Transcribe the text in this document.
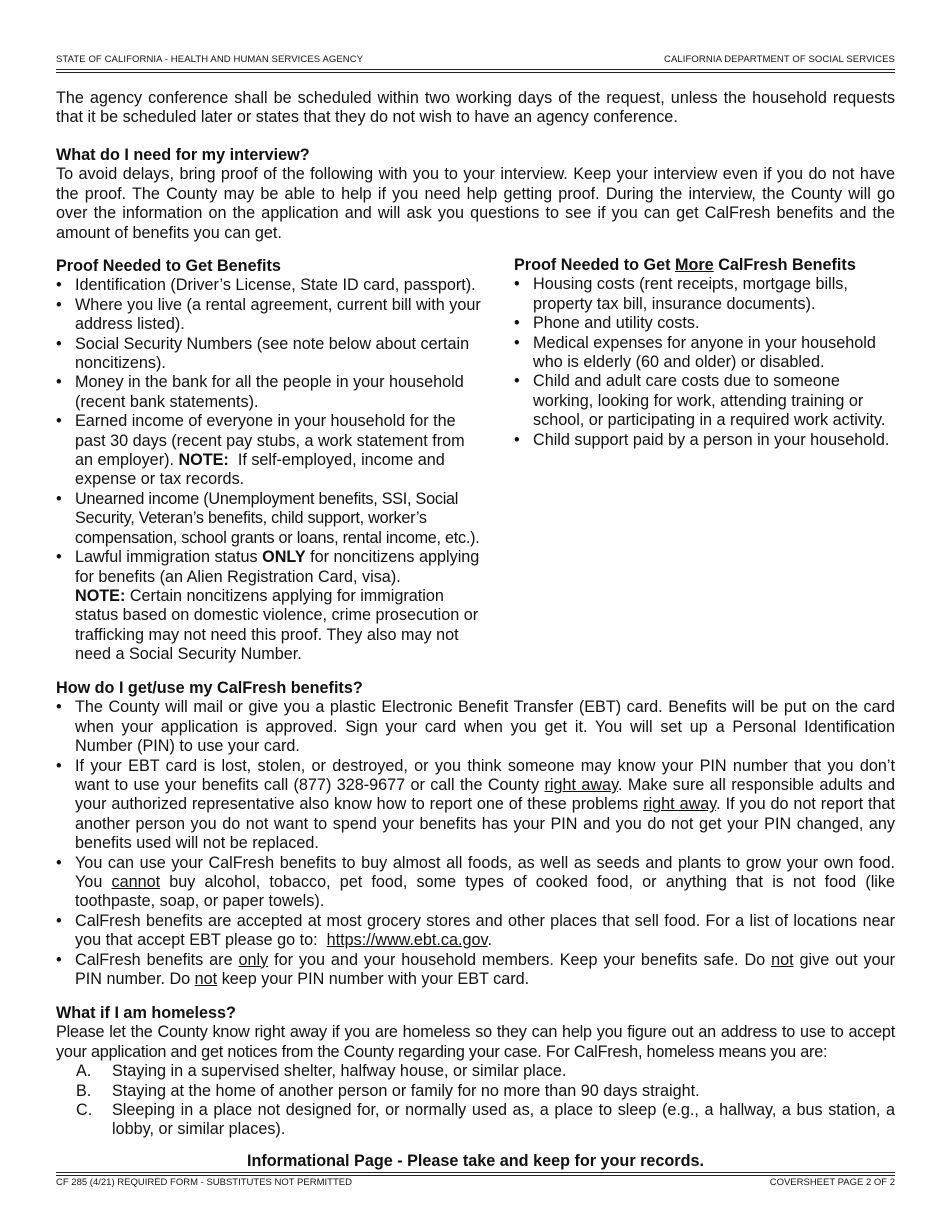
STATE OF CALIFORNIA - HEALTH AND HUMAN SERVICES AGENCY	CALIFORNIA DEPARTMENT OF SOCIAL SERVICES
The agency conference shall be scheduled within two working days of the request, unless the household requests that it be scheduled later or states that they do not wish to have an agency conference.

What do I need for my interview?

To avoid delays, bring proof of the following with you to your interview. Keep your interview even if you do not have the proof. The County may be able to help if you need help getting proof. During the interview, the County will go over the information on the application and will ask you questions to see if you can get CalFresh benefits and the amount of benefits you can get.

Proof Needed to Get Benefits

• Identification (Driver’s License, State ID card, passport).
• Where you live (a rental agreement, current bill with your address listed).
• Social Security Numbers (see note below about certain noncitizens).
• Money in the bank for all the people in your household (recent bank statements).
• Earned income of everyone in your household for the past 30 days (recent pay stubs, a work statement from an employer). NOTE: If self-employed, income and expense or tax records.
• Unearned income (Unemployment benefits, SSI, Social Security, Veteran’s benefits, child support, worker’s compensation, school grants or loans, rental income, etc.).
• Lawful immigration status ONLY for noncitizens applying for benefits (an Alien Registration Card, visa).
NOTE: Certain noncitizens applying for immigration status based on domestic violence, crime prosecution or trafficking may not need this proof. They also may not need a Social Security Number.

Proof Needed to Get More CalFresh Benefits

• Housing costs (rent receipts, mortgage bills, property tax bill, insurance documents).
• Phone and utility costs.
• Medical expenses for anyone in your household who is elderly (60 and older) or disabled.
• Child and adult care costs due to someone working, looking for work, attending training or school, or participating in a required work activity.
• Child support paid by a person in your household.

How do I get/use my CalFresh benefits?

• The County will mail or give you a plastic Electronic Benefit Transfer (EBT) card. Benefits will be put on the card when your application is approved. Sign your card when you get it. You will set up a Personal Identification Number (PIN) to use your card.
• If your EBT card is lost, stolen, or destroyed, or you think someone may know your PIN number that you don’t want to use your benefits call (877) 328-9677 or call the County right away. Make sure all responsible adults and your authorized representative also know how to report one of these problems right away. If you do not report that another person you do not want to spend your benefits has your PIN and you do not get your PIN changed, any benefits used will not be replaced.
• You can use your CalFresh benefits to buy almost all foods, as well as seeds and plants to grow your own food. You cannot buy alcohol, tobacco, pet food, some types of cooked food, or anything that is not food (like toothpaste, soap, or paper towels).
• CalFresh benefits are accepted at most grocery stores and other places that sell food. For a list of locations near you that accept EBT please go to: https://www.ebt.ca.gov.
• CalFresh benefits are only for you and your household members. Keep your benefits safe. Do not give out your PIN number. Do not keep your PIN number with your EBT card.

What if I am homeless?

Please let the County know right away if you are homeless so they can help you figure out an address to use to accept your application and get notices from the County regarding your case. For CalFresh, homeless means you are:
A. Staying in a supervised shelter, halfway house, or similar place.
B. Staying at the home of another person or family for no more than 90 days straight.
C. Sleeping in a place not designed for, or normally used as, a place to sleep (e.g., a hallway, a bus station, a lobby, or similar places).
Informational Page - Please take and keep for your records.
CF 285 (4/21) REQUIRED FORM - SUBSTITUTES NOT PERMITTED	COVERSHEET PAGE 2 OF 2
